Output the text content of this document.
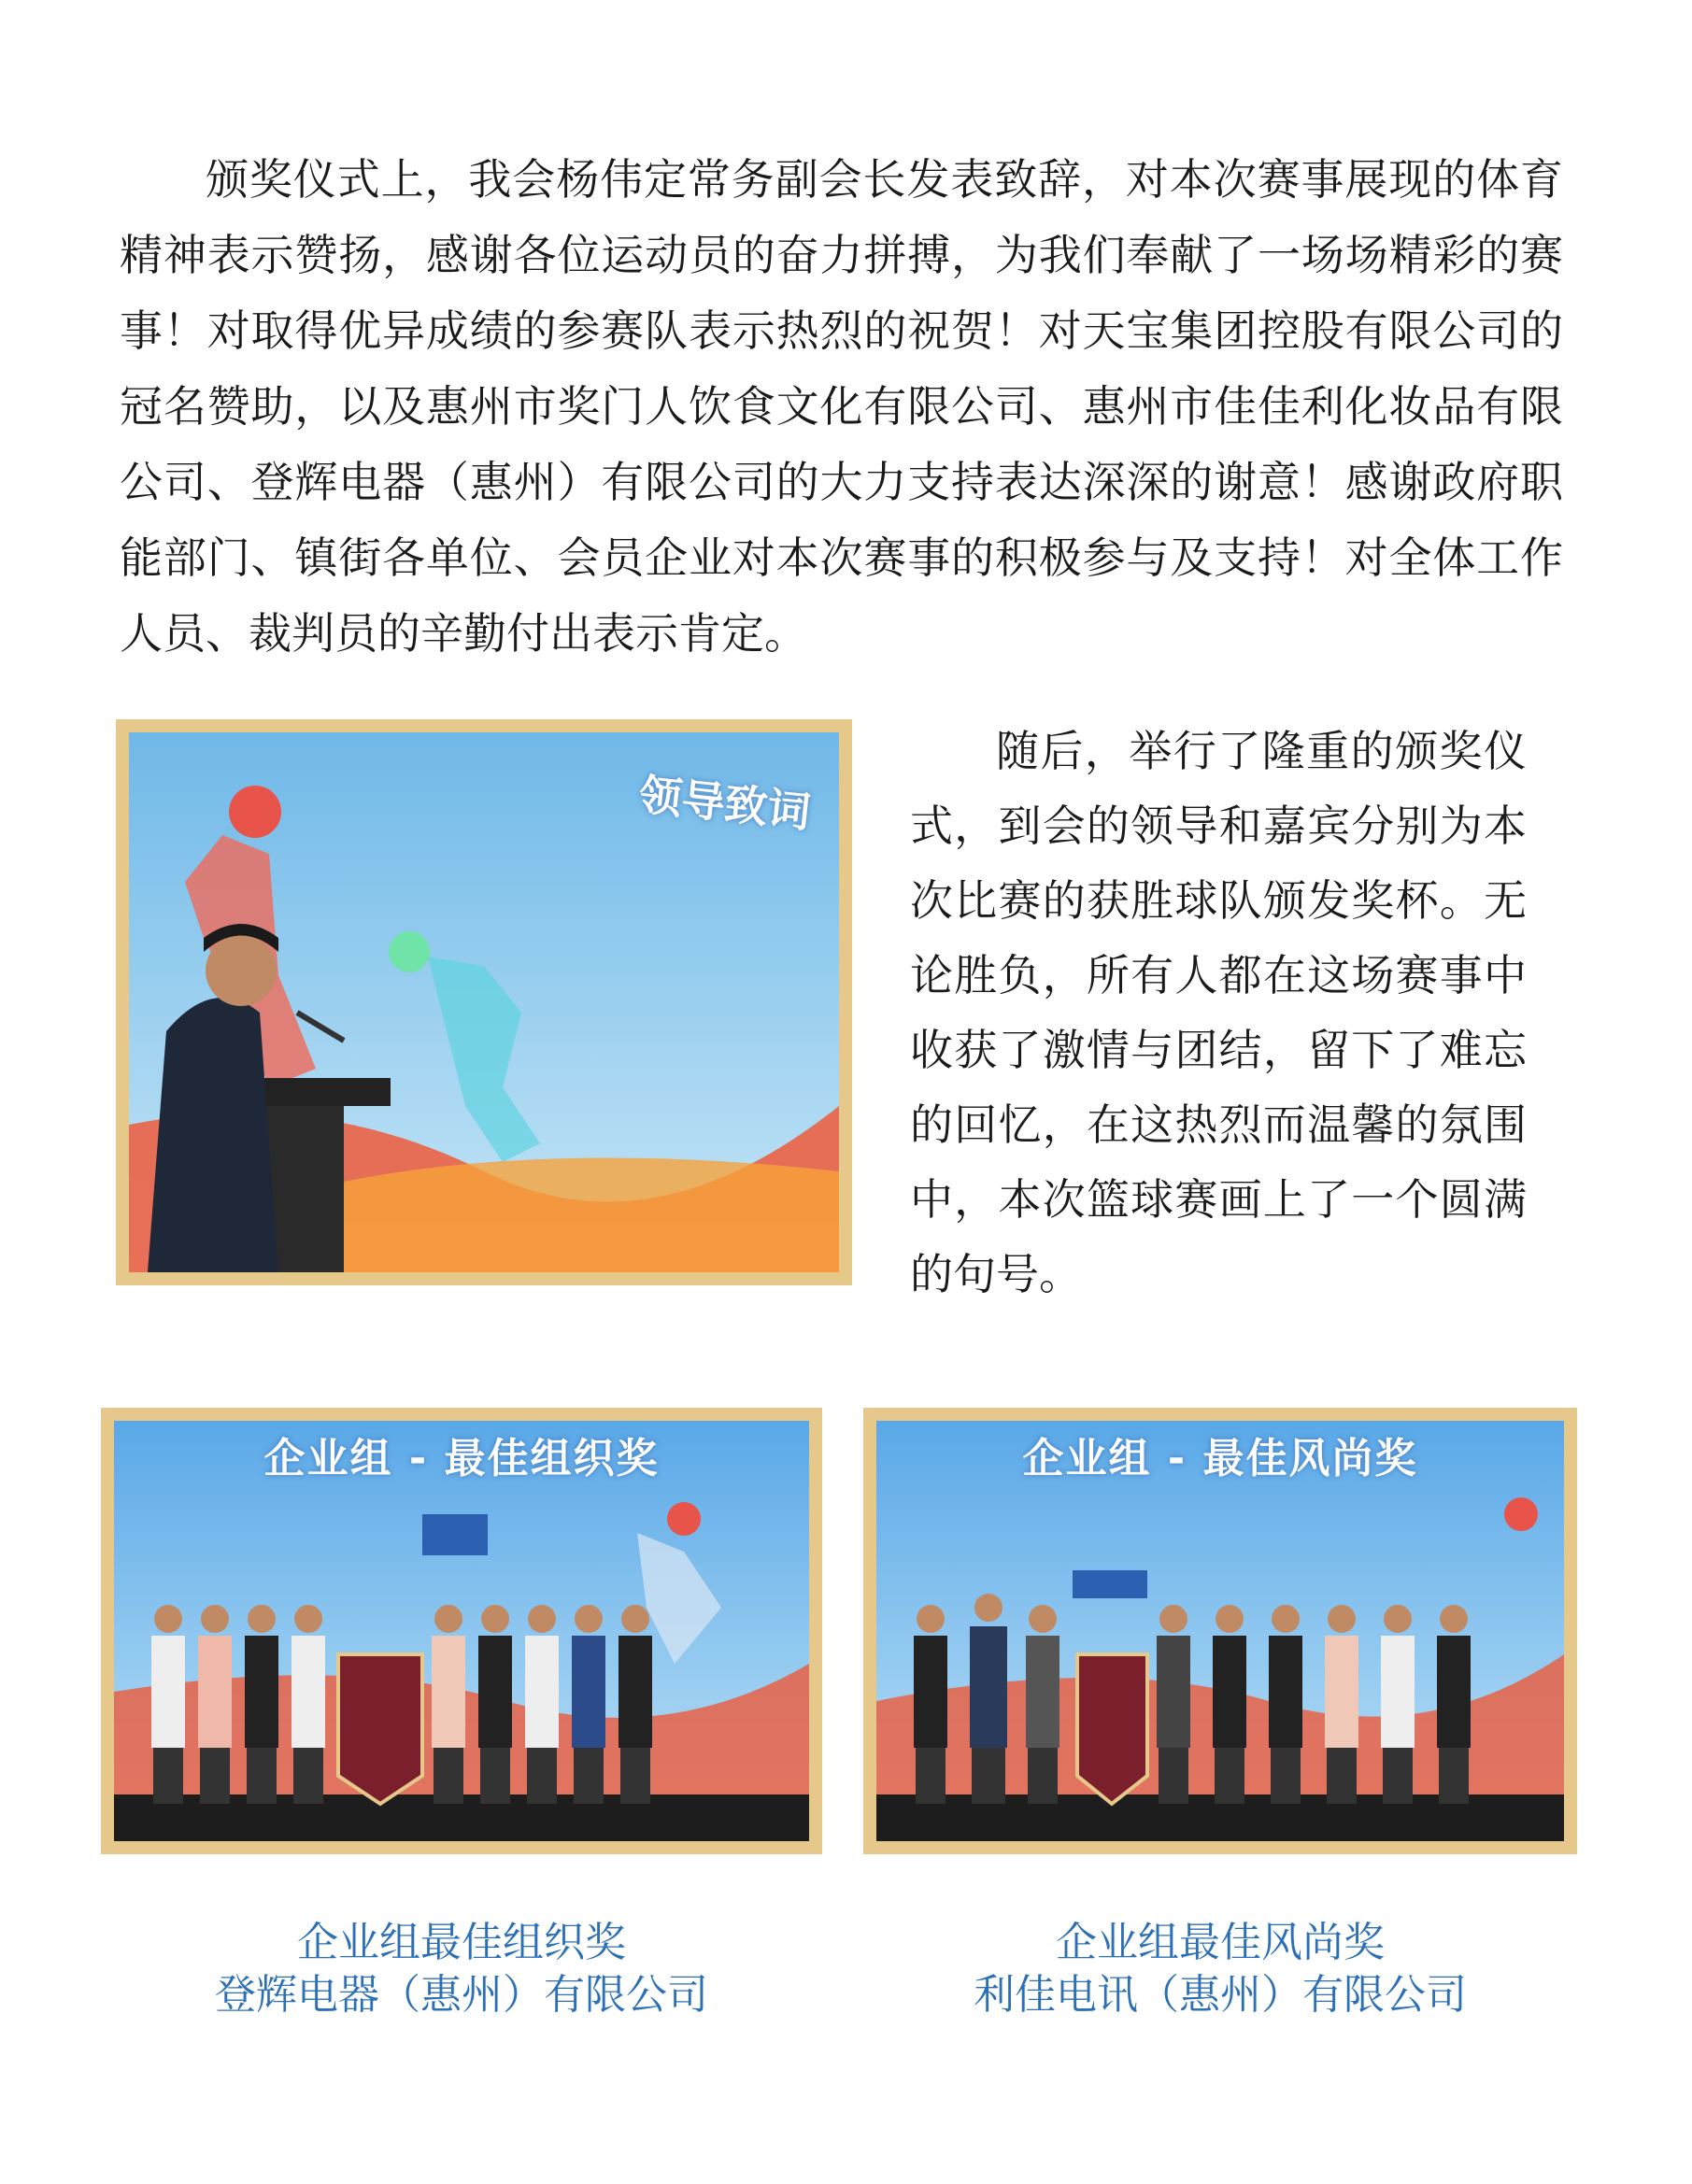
颁奖仪式上，我会杨伟定常务副会长发表致辞，对本次赛事展现的体育精神表示赞扬，感谢各位运动员的奋力拼搏，为我们奉献了一场场精彩的赛事！对取得优异成绩的参赛队表示热烈的祝贺！对天宝集团控股有限公司的冠名赞助，以及惠州市奖门人饮食文化有限公司、惠州市佳佳利化妆品有限公司、登辉电器（惠州）有限公司的大力支持表达深深的谢意！感谢政府职能部门、镇街各单位、会员企业对本次赛事的积极参与及支持！对全体工作人员、裁判员的辛勤付出表示肯定。

领导致词

随后，举行了隆重的颁奖仪式，到会的领导和嘉宾分别为本次比赛的获胜球队颁发奖杯。无论胜负，所有人都在这场赛事中收获了激情与团结，留下了难忘的回忆，在这热烈而温馨的氛围中，本次篮球赛画上了一个圆满的句号。

企业组 - 最佳组织奖	企业组 - 最佳风尚奖

企业组最佳组织奖
登辉电器（惠州）有限公司

企业组最佳风尚奖
利佳电讯（惠州）有限公司
